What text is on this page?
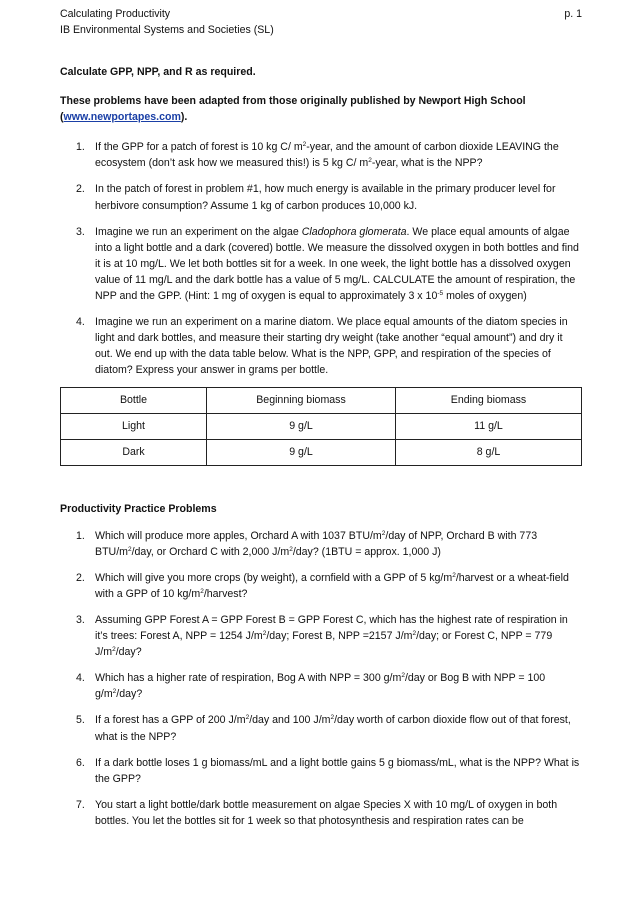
Calculating Productivity	p. 1
IB Environmental Systems and Societies (SL)

Calculate GPP, NPP, and R as required.

These problems have been adapted from those originally published by Newport High School
(www.newportapes.com).

1. If the GPP for a patch of forest is 10 kg C/ $m^2$-year, and the amount of carbon dioxide LEAVING the ecosystem (don’t ask how we measured this!) is 5 kg C/ $m^2$-year, what is the NPP?
2. In the patch of forest in problem #1, how much energy is available in the primary producer level for herbivore consumption? Assume 1 kg of carbon produces 10,000 kJ.
3. Imagine we run an experiment on the algae Cladophora glomerata. We place equal amounts of algae into a light bottle and a dark (covered) bottle. We measure the dissolved oxygen in both bottles and find it is at 10 mg/L. We let both bottles sit for a week. In one week, the light bottle has a dissolved oxygen value of 11 mg/L and the dark bottle has a value of 5 mg/L. CALCULATE the amount of respiration, the NPP and the GPP. (Hint: 1 mg of oxygen is equal to approximately 3 x $10^{-5}$ moles of oxygen)
4. Imagine we run an experiment on a marine diatom. We place equal amounts of the diatom species in light and dark bottles, and measure their starting dry weight (take another “equal amount”) and dry it out. We end up with the data table below. What is the NPP, GPP, and respiration of the species of diatom? Express your answer in grams per bottle.
Bottle	Beginning biomass	Ending biomass
Light	9 g/L	11 g/L
Dark	9 g/L	8 g/L

Productivity Practice Problems

1. Which will produce more apples, Orchard A with 1037 BTU/$m^2$/day of NPP, Orchard B with 773 BTU/$m^2$/day, or Orchard C with 2,000 $J/m^2$/day? (1BTU = approx. 1,000 J)
2. Which will give you more crops (by weight), a cornfield with a GPP of 5 $kg/m^2$/harvest or a wheat-field with a GPP of 10 $kg/m^2$/harvest?
3. Assuming GPP Forest A = GPP Forest B = GPP Forest C, which has the highest rate of respiration in it’s trees: Forest A, NPP = 1254 $J/m^2$/day; Forest B, NPP =2157 $J/m^2$/day; or Forest C, NPP = 779 $J/m^2$/day?
4. Which has a higher rate of respiration, Bog A with NPP = 300 $g/m^2$/day or Bog B with NPP = 100 $g/m^2$/day?
5. If a forest has a GPP of 200 $J/m^2$/day and 100 $J/m^2$/day worth of carbon dioxide flow out of that forest, what is the NPP?
6. If a dark bottle loses 1 g biomass/mL and a light bottle gains 5 g biomass/mL, what is the NPP? What is the GPP?
7. You start a light bottle/dark bottle measurement on algae Species X with 10 mg/L of oxygen in both bottles. You let the bottles sit for 1 week so that photosynthesis and respiration rates can be
